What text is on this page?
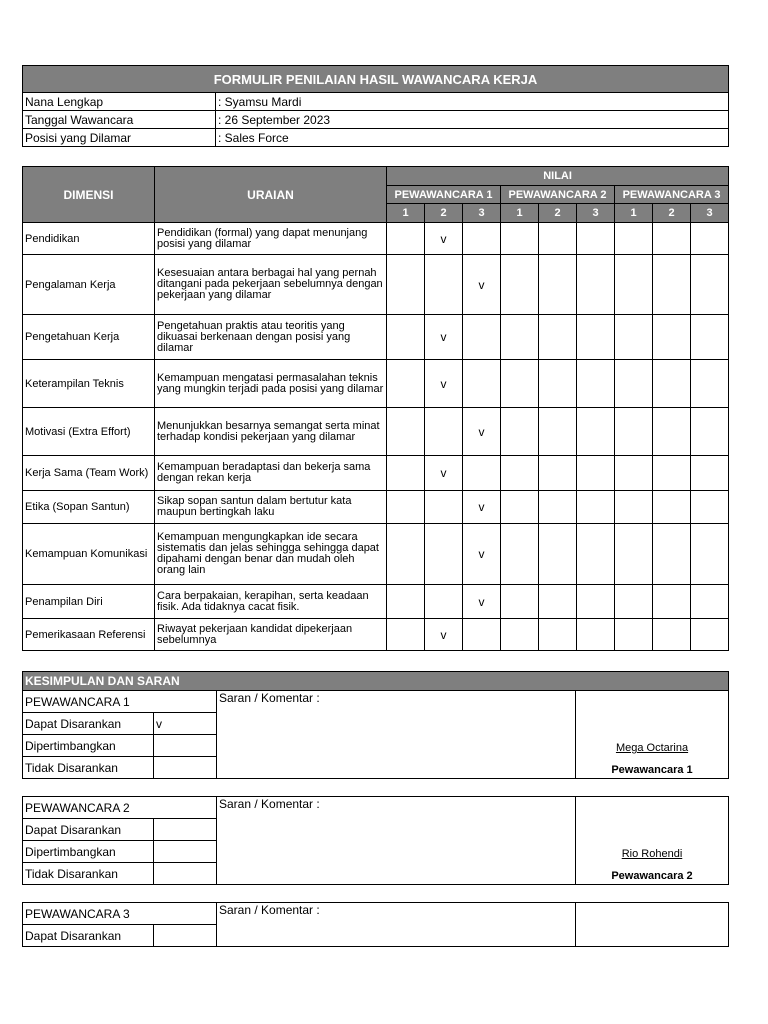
FORMULIR PENILAIAN HASIL WAWANCARA KERJA	
Nana Lengkap	: Syamsu Mardi
Tanggal Wawancara	: 26 September 2023
Posisi yang Dilamar	: Sales Force
DIMENSI	URAIAN	NILAI								
		PEWAWANCARA 1			PEWAWANCARA 2			PEWAWANCARA 3		
		1	2	3	1	2	3	1	2	3
Pendidikan	Pendidikan (formal) yang dapat menunjang posisi yang dilamar		v							
Pengalaman Kerja	Kesesuaian antara berbagai hal yang pernah ditangani pada pekerjaan sebelumnya dengan pekerjaan yang dilamar			v						
Pengetahuan Kerja	Pengetahuan praktis atau teoritis yang dikuasai berkenaan dengan posisi yang dilamar		v							
Keterampilan Teknis	Kemampuan mengatasi permasalahan teknis yang mungkin terjadi pada posisi yang dilamar		v							
Motivasi (Extra Effort)	Menunjukkan besarnya semangat serta minat terhadap kondisi pekerjaan yang dilamar			v						
Kerja Sama (Team Work)	Kemampuan beradaptasi dan bekerja sama dengan rekan kerja		v							
Etika (Sopan Santun)	Sikap sopan santun dalam bertutur kata maupun bertingkah laku			v						
Kemampuan Komunikasi	Kemampuan mengungkapkan ide secara sistematis dan jelas sehingga sehingga dapat dipahami dengan benar dan mudah oleh orang lain			v						
Penampilan Diri	Cara berpakaian, kerapihan, serta keadaan fisik. Ada tidaknya cacat fisik.			v						
Pemerikasaan Referensi	Riwayat pekerjaan kandidat dipekerjaan sebelumnya		v							
KESIMPULAN DAN SARAN			
PEWAWANCARA 1		Saran / Komentar :	Mega Octarina
Pewawancara 1

Dapat Disarankan	v		
Dipertimbangkan			
Tidak Disarankan			
PEWAWANCARA 2		Saran / Komentar :	Rio Rohendi
Pewawancara 2

Dapat Disarankan			
Dipertimbangkan			
Tidak Disarankan			
PEWAWANCARA 3		Saran / Komentar :	
Dapat Disarankan			
